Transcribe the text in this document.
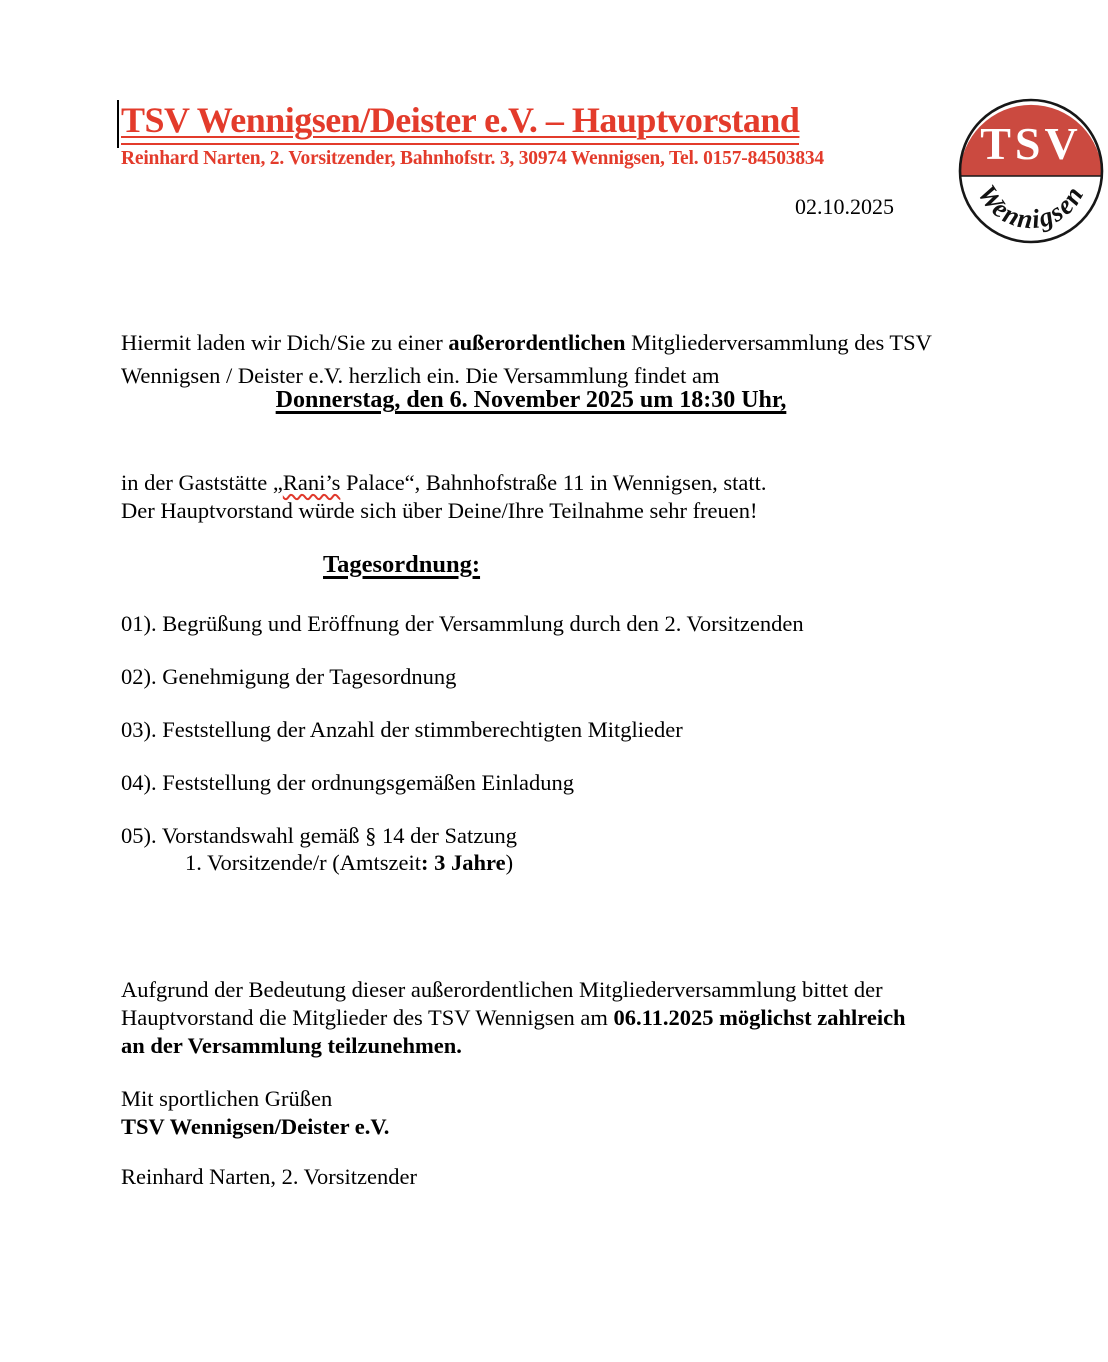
TSV Wennigsen/Deister e.V. – Hauptvorstand
Reinhard Narten, 2. Vorsitzender, Bahnhofstr. 3, 30974 Wennigsen, Tel. 0157-84503834
02.10.2025
TSV
Wennigsen

Hiermit laden wir Dich/Sie zu einer außerordentlichen Mitgliederversammlung des TSV
Wennigsen / Deister e.V. herzlich ein. Die Versammlung findet am

Donnerstag, den 6. November 2025 um 18:30 Uhr,

in der Gaststätte „Rani’s Palace“, Bahnhofstraße 11 in Wennigsen, statt.
Der Hauptvorstand würde sich über Deine/Ihre Teilnahme sehr freuen!

Tagesordnung:
01). Begrüßung und Eröffnung der Versammlung durch den 2. Vorsitzenden
02). Genehmigung der Tagesordnung
03). Feststellung der Anzahl der stimmberechtigten Mitglieder
04). Feststellung der ordnungsgemäßen Einladung
05). Vorstandswahl gemäß § 14 der Satzung
1. Vorsitzende/r (Amtszeit: 3 Jahre)

Aufgrund der Bedeutung dieser außerordentlichen Mitgliederversammlung bittet der
Hauptvorstand die Mitglieder des TSV Wennigsen am 06.11.2025 möglichst zahlreich
an der Versammlung teilzunehmen.

Mit sportlichen Grüßen
TSV Wennigsen/Deister e.V.

Reinhard Narten, 2. Vorsitzender
